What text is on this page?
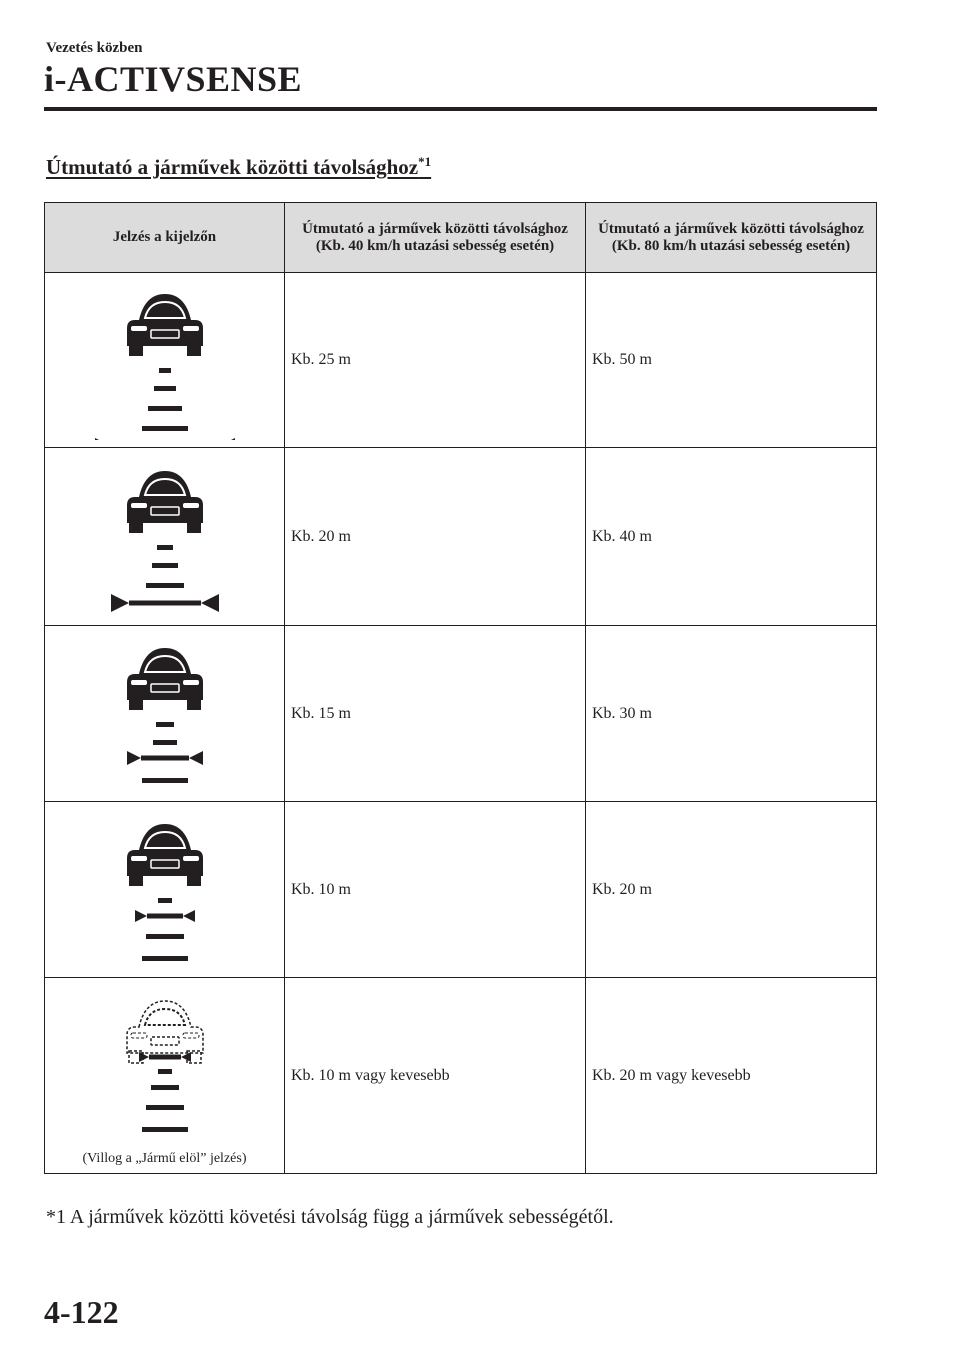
Vezetés közben
i-ACTIVSENSE
Útmutató a járművek közötti távolsághoz$^{*1}$
Jelzés a kijelzőn	Útmutató a járművek közötti távolsághoz (Kb. 40 km/h utazási sebesség esetén)	Útmutató a járművek közötti távolsághoz (Kb. 80 km/h utazási sebesség esetén)

	Kb. 25 m	Kb. 50 m

	Kb. 20 m	Kb. 40 m

	Kb. 15 m	Kb. 30 m

	Kb. 10 m	Kb. 20 m

(Villog a „Jármű elöl” jelzés)	Kb. 10 m vagy kevesebb	Kb. 20 m vagy kevesebb
*1 A járművek közötti követési távolság függ a járművek sebességétől.
4-122
